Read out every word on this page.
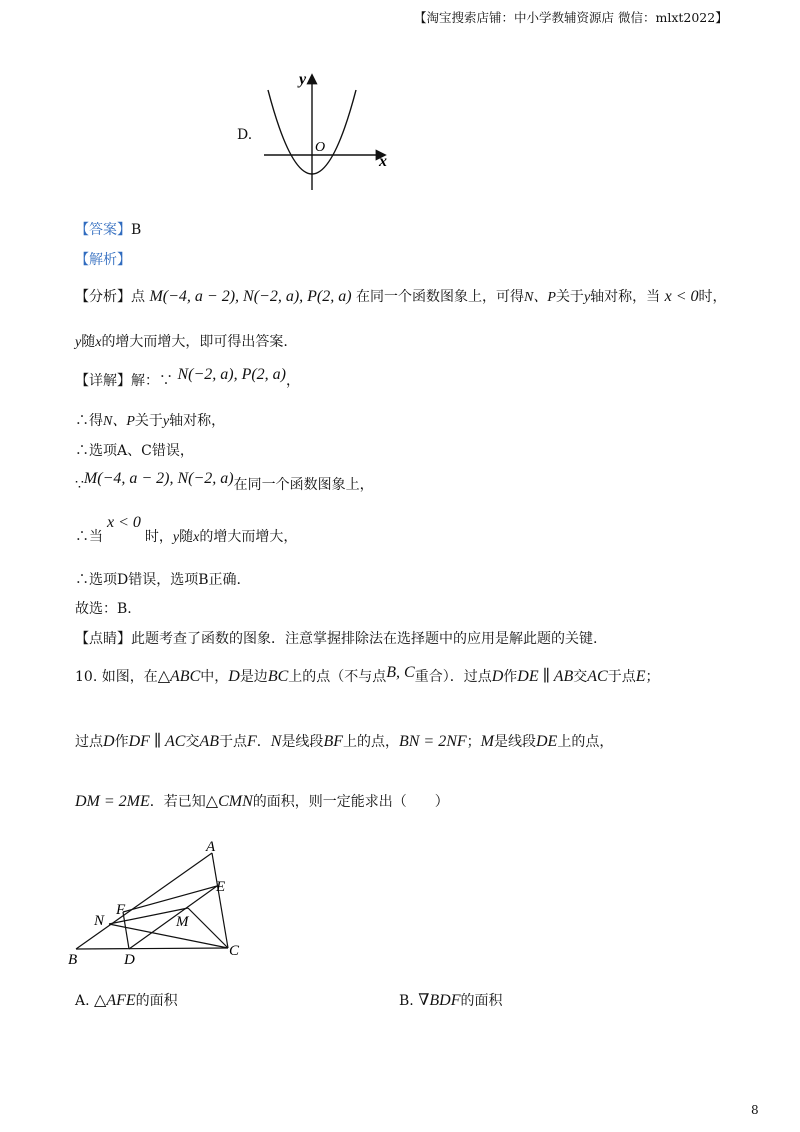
【淘宝搜索店铺：中小学教辅资源店 微信：mlxt2022】
D.
y
x
O
【答案】B
【解析】
【分析】点 M(−4, a − 2), N(−2, a), P(2, a) 在同一个函数图象上，可得N、P关于y轴对称，当 x < 0时，
y随x的增大而增大，即可得出答案.
【详解】解：∵ N(−2, a), P(2, a)，
∴得N、P关于y轴对称，
∴选项A、C错误，
∵M(−4, a − 2), N(−2, a)在同一个函数图象上，
∴当x < 0时，y随x的增大而增大，
∴选项D错误，选项B正确.
故选：B.
【点睛】此题考查了函数的图象．注意掌握排除法在选择题中的应用是解此题的关键.
10. 如图，在△ABC中，D是边BC上的点（不与点B, C重合）．过点D作DE ∥ AB交AC于点E；
过点D作DF ∥ AC交AB于点F．N是线段BF上的点，BN = 2NF；M是线段DE上的点，
DM = 2ME．若已知△CMN的面积，则一定能求出（　　）
A
B
C
D
E
F
M
N
A. △AFE的面积	B. ∇BDF的面积
8
